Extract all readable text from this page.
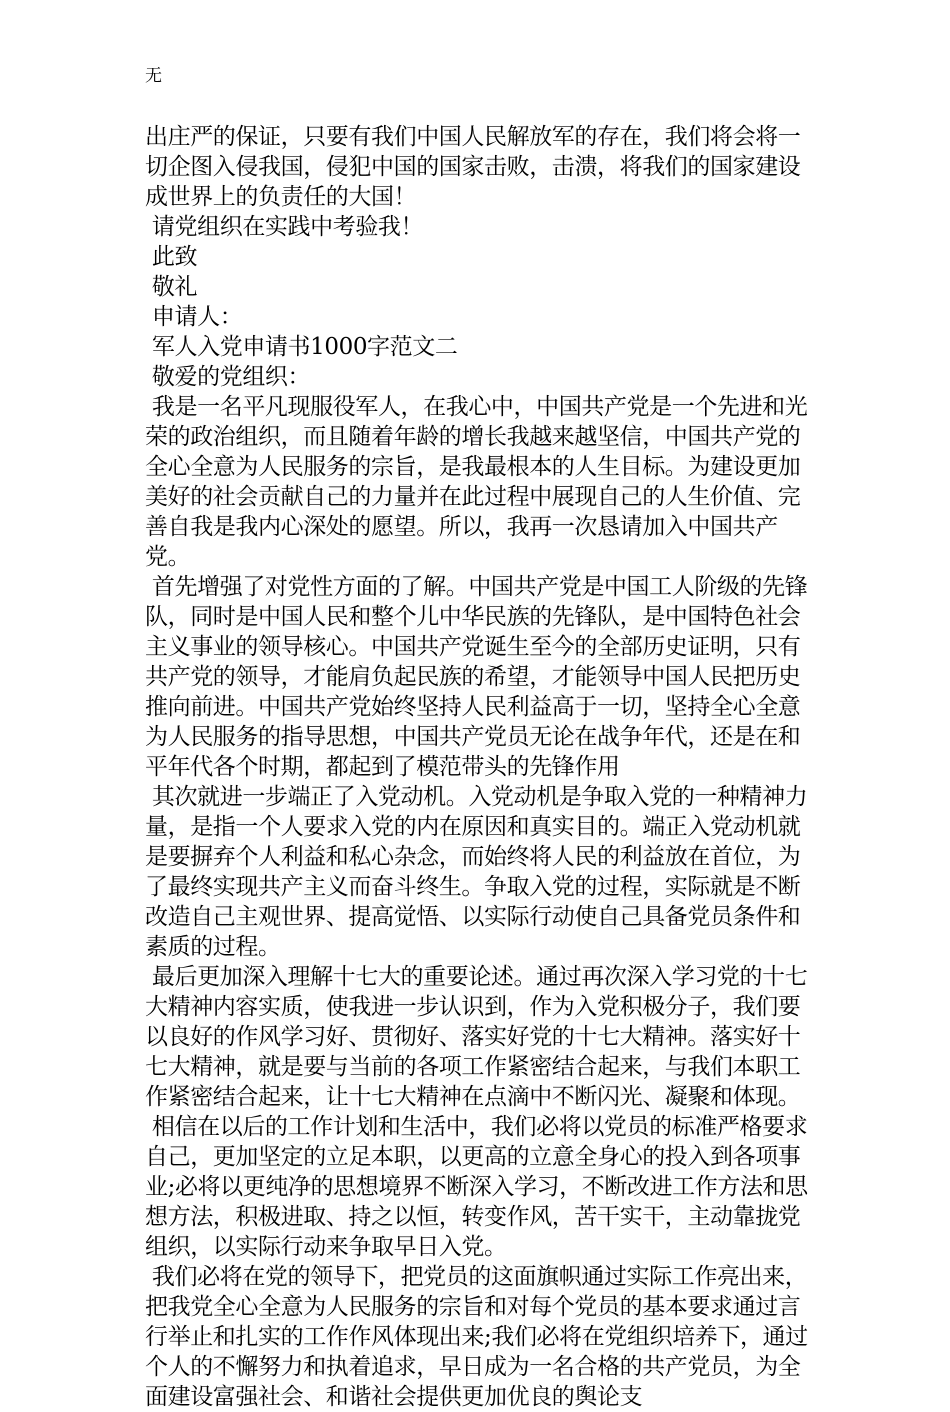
无

出庄严的保证，只要有我们中国人民解放军的存在，我们将会将一切企图入侵我国，侵犯中国的国家击败，击溃，将我们的国家建设成世界上的负责任的大国！

请党组织在实践中考验我！

此致

敬礼

申请人：

军人入党申请书1000字范文二

敬爱的党组织：

我是一名平凡现服役军人，在我心中，中国共产党是一个先进和光荣的政治组织，而且随着年龄的增长我越来越坚信，中国共产党的全心全意为人民服务的宗旨，是我最根本的人生目标。为建设更加美好的社会贡献自己的力量并在此过程中展现自己的人生价值、完善自我是我内心深处的愿望。所以，我再一次恳请加入中国共产党。

首先增强了对党性方面的了解。中国共产党是中国工人阶级的先锋队，同时是中国人民和整个儿中华民族的先锋队，是中国特色社会主义事业的领导核心。中国共产党诞生至今的全部历史证明，只有共产党的领导，才能肩负起民族的希望，才能领导中国人民把历史推向前进。中国共产党始终坚持人民利益高于一切，坚持全心全意为人民服务的指导思想，中国共产党员无论在战争年代，还是在和平年代各个时期，都起到了模范带头的先锋作用

其次就进一步端正了入党动机。入党动机是争取入党的一种精神力量，是指一个人要求入党的内在原因和真实目的。端正入党动机就是要摒弃个人利益和私心杂念，而始终将人民的利益放在首位，为了最终实现共产主义而奋斗终生。争取入党的过程，实际就是不断改造自己主观世界、提高觉悟、以实际行动使自己具备党员条件和素质的过程。

最后更加深入理解十七大的重要论述。通过再次深入学习党的十七大精神内容实质，使我进一步认识到，作为入党积极分子，我们要以良好的作风学习好、贯彻好、落实好党的十七大精神。落实好十七大精神，就是要与当前的各项工作紧密结合起来，与我们本职工作紧密结合起来，让十七大精神在点滴中不断闪光、凝聚和体现。

相信在以后的工作计划和生活中，我们必将以党员的标准严格要求自己，更加坚定的立足本职，以更高的立意全身心的投入到各项事业;必将以更纯净的思想境界不断深入学习，不断改进工作方法和思想方法，积极进取、持之以恒，转变作风，苦干实干，主动靠拢党组织，以实际行动来争取早日入党。

我们必将在党的领导下，把党员的这面旗帜通过实际工作亮出来，把我党全心全意为人民服务的宗旨和对每个党员的基本要求通过言行举止和扎实的工作作风体现出来;我们必将在党组织培养下，通过个人的不懈努力和执着追求，早日成为一名合格的共产党员，为全面建设富强社会、和谐社会提供更加优良的舆论支
